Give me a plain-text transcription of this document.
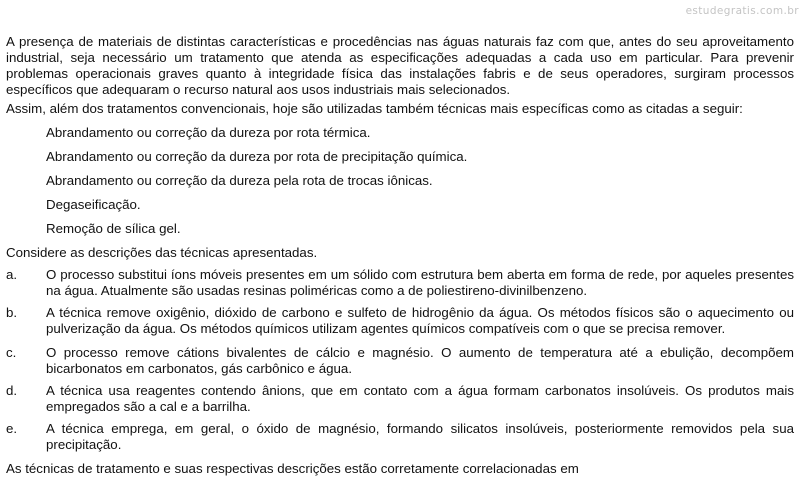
estudegratis.com.br

A presença de materiais de distintas características e procedências nas águas naturais faz com que, antes do seu aproveitamento industrial, seja necessário um tratamento que atenda as especificações adequadas a cada uso em particular. Para prevenir problemas operacionais graves quanto à integridade física das instalações fabris e de seus operadores, surgiram processos específicos que adequaram o recurso natural aos usos industriais mais selecionados.

Assim, além dos tratamentos convencionais, hoje são utilizadas também técnicas mais específicas como as citadas a seguir:

Abrandamento ou correção da dureza por rota térmica.
Abrandamento ou correção da dureza por rota de precipitação química.
Abrandamento ou correção da dureza pela rota de trocas iônicas.
Degaseificação.
Remoção de sílica gel.

Considere as descrições das técnicas apresentadas.

a. O processo substitui íons móveis presentes em um sólido com estrutura bem aberta em forma de rede, por aqueles presentes na água. Atualmente são usadas resinas poliméricas como a de poliestireno-divinilbenzeno.
b. A técnica remove oxigênio, dióxido de carbono e sulfeto de hidrogênio da água. Os métodos físicos são o aquecimento ou pulverização da água. Os métodos químicos utilizam agentes químicos compatíveis com o que se precisa remover.
c. O processo remove cátions bivalentes de cálcio e magnésio. O aumento de temperatura até a ebulição, decompõem bicarbonatos em carbonatos, gás carbônico e água.
d. A técnica usa reagentes contendo ânions, que em contato com a água formam carbonatos insolúveis. Os produtos mais empregados são a cal e a barrilha.
e. A técnica emprega, em geral, o óxido de magnésio, formando silicatos insolúveis, posteriormente removidos pela sua precipitação.

As técnicas de tratamento e suas respectivas descrições estão corretamente correlacionadas em
